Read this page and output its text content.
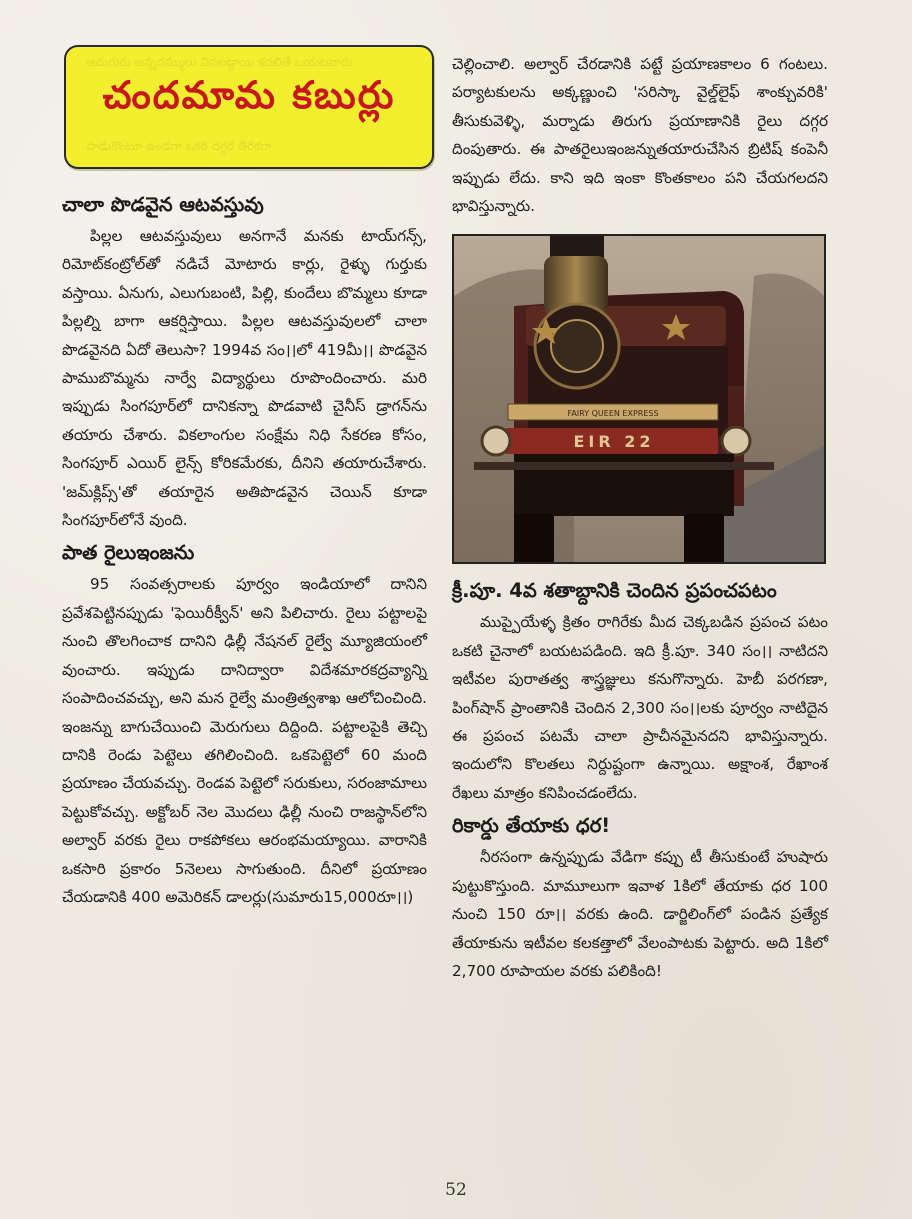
ఆదుగురు అన్నదమ్ములు వినబడ్డాయి కదలితే బయటవారు
పాడుకొంటూ ఉండగా ఒకరి దగ్గర తీరికగా
చందమామ కబుర్లు
చాలా పొడవైన ఆటవస్తువు

పిల్లల ఆటవస్తువులు అనగానే మనకు టాయ్‌గన్స్, రిమోట్‌కంట్రోల్‌తో నడిచే మోటారు కార్లు, రైళ్ళు గుర్తుకు వస్తాయి. ఏనుగు, ఎలుగుబంటి, పిల్లి, కుందేలు బొమ్మలు కూడా పిల్లల్ని బాగా ఆకర్షిస్తాయి. పిల్లల ఆటవస్తువులలో చాలా పొడవైనది ఏదో తెలుసా? 1994వ సం।।లో 419మీ।। పొడవైన పాముబొమ్మను నార్వే విద్యార్థులు రూపొందించారు. మరి ఇప్పుడు సింగపూర్‌లో దానికన్నా పొడవాటి చైనీస్ డ్రాగన్‌ను తయారు చేశారు. వికలాంగుల సంక్షేమ నిధి సేకరణ కోసం, సింగపూర్ ఎయిర్ లైన్స్ కోరికమేరకు, దీనిని తయారుచేశారు. 'జమ్‌క్లిప్స్'తో తయారైన అతిపొడవైన చెయిన్ కూడా సింగపూర్‌లోనే వుంది.

పాత రైలుఇంజను

95 సంవత్సరాలకు పూర్వం ఇండియాలో దానిని ప్రవేశపెట్టినప్పుడు 'ఫెయిరీక్వీన్' అని పిలిచారు. రైలు పట్టాలపై నుంచి తొలగించాక దానిని ఢిల్లీ నేషనల్ రైల్వే మ్యూజియంలో వుంచారు. ఇప్పుడు దానిద్వారా విదేశమారకద్రవ్యాన్ని సంపాదించవచ్చు, అని మన రైల్వే మంత్రిత్వశాఖ ఆలోచించింది. ఇంజన్ను బాగుచేయించి మెరుగులు దిద్దింది. పట్టాలపైకి తెచ్చి దానికి రెండు పెట్టెలు తగిలించింది. ఒకపెట్టెలో 60 మంది ప్రయాణం చేయవచ్చు. రెండవ పెట్టెలో సరుకులు, సరంజామాలు పెట్టుకోవచ్చు. అక్టోబర్ నెల మొదలు ఢిల్లీ నుంచి రాజస్థాన్‌లోని అల్వార్ వరకు రైలు రాకపోకలు ఆరంభమయ్యాయి. వారానికి ఒకసారి ప్రకారం 5నెలలు సాగుతుంది. దీనిలో ప్రయాణం చేయడానికి 400 అమెరికన్ డాలర్లు(సుమారు15,000రూ।।)

చెల్లించాలి. అల్వార్ చేరడానికి పట్టే ప్రయాణకాలం 6 గంటలు. పర్యాటకులను అక్కణ్ణుంచి 'సరిస్కా వైల్డ్‌లైఫ్ శాంక్చువరికి' తీసుకువెళ్ళి, మర్నాడు తిరుగు ప్రయాణానికి రైలు దగ్గర దింపుతారు. ఈ పాతరైలుఇంజన్నుతయారుచేసిన బ్రిటిష్ కంపెనీ ఇప్పుడు లేదు. కాని ఇది ఇంకా కొంతకాలం పని చేయగలదని భావిస్తున్నారు.

FAIRY QUEEN EXPRESS
EIR 22
క్రీ.పూ. 4వ శతాబ్దానికి చెందిన ప్రపంచపటం

ముప్పైయేళ్ళ క్రితం రాగిరేకు మీద చెక్కబడిన ప్రపంచ పటం ఒకటి చైనాలో బయటపడింది. ఇది క్రీ.పూ. 340 సం।। నాటిదని ఇటీవల పురాతత్వ శాస్త్రజ్ఞులు కనుగొన్నారు. హెబీ పరగణా, పింగ్‌షాన్ ప్రాంతానికి చెందిన 2,300 సం।।లకు పూర్వం నాటిదైన ఈ ప్రపంచ పటమే చాలా ప్రాచీనమైనదని భావిస్తున్నారు. ఇందులోని కొలతలు నిర్దుష్టంగా ఉన్నాయి. అక్షాంశ, రేఖాంశ రేఖలు మాత్రం కనిపించడంలేదు.

రికార్డు తేయాకు ధర!

నీరసంగా ఉన్నప్పుడు వేడిగా కప్పు టీ తీసుకుంటే హుషారు పుట్టుకొస్తుంది. మామూలుగా ఇవాళ 1కిలో తేయాకు ధర 100 నుంచి 150 రూ।। వరకు ఉంది. డార్జిలింగ్‌లో పండిన ప్రత్యేక తేయాకును ఇటీవల కలకత్తాలో వేలంపాటకు పెట్టారు. అది 1కిలో 2,700 రూపాయల వరకు పలికింది!

52
